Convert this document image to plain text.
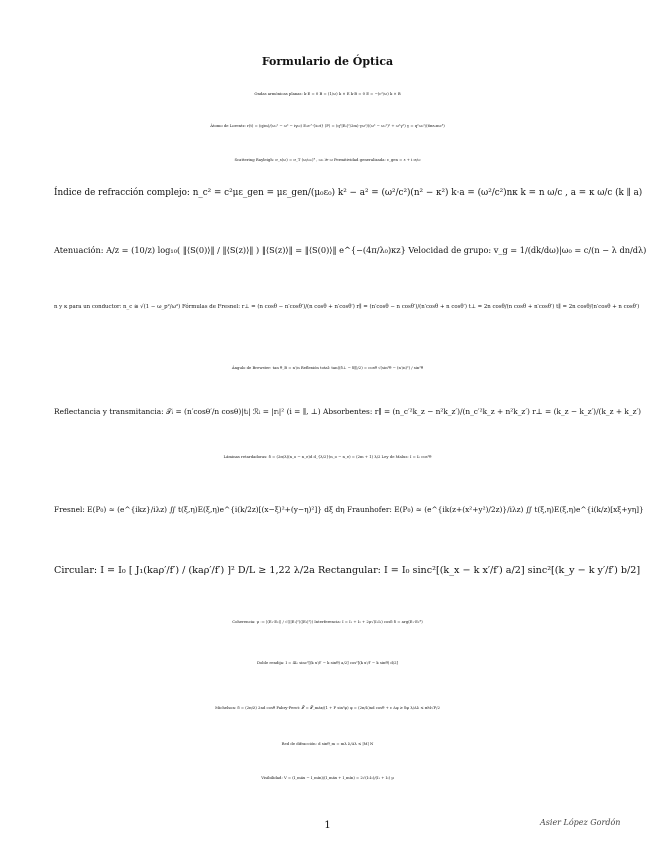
Formulario de Óptica
Ondas armónicas planas: k·E = 0 B = (1/ω) k × E k·B = 0 E = −(c²/ω) k × B
Átomo de Lorentz: r(t) = (q/m)/(ω₀² − ω² − iγω) E₀e^{iωt} ⟨P⟩ = (q²|E₀|²/2m)·γω²/((ω² − ω₀²)² + ω²γ²) γ = q²ω₀²/(6πε₀mc³)
Scattering Rayleigh: σ_s(ω) = σ_T (ω/ω₀)⁴ , ω₀ ≫ ω Permitividad generalizada: ε_gen = ε + i σ/ω
Índice de refracción complejo: n_c² = c²με_gen = με_gen/(μ₀ε₀) k² − a² = (ω²/c²)(n² − κ²) k·a = (ω²/c²)nκ k = n ω/c , a = κ ω/c (k ∥ a)
Atenuación: A/z = (10/z) log₁₀( ‖⟨S(0)⟩‖ / ‖⟨S(z)⟩‖ ) ‖⟨S(z)⟩‖ = ‖⟨S(0)⟩‖ e^{−(4π/λ₀)κz} Velocidad de grupo: v_g = 1/(dk/dω)|ω₀ = c/(n − λ dn/dλ)
n y κ para un conductor: n_c ≅ √(1 − ω_p²/ω²) Fórmulas de Fresnel: r⊥ = (n cosθ − n′cosθ′)/(n cosθ + n′cosθ′) r∥ = (n′cosθ − n cosθ′)/(n′cosθ + n cosθ′) t⊥ = 2n cosθ/(n cosθ + n′cosθ′) t∥ = 2n cosθ/(n′cosθ + n cosθ′)
Ángulo de Brewster: tan θ_B = n′/n Reflexión total: tan((δ⊥ − δ∥)/2) = cosθ √(sin²θ − (n′/n)²) / sin²θ
Reflectancia y transmitancia: 𝒯ᵢ = (n′cosθ′/n cosθ)|tᵢ| ℛᵢ = |rᵢ|² (i = ∥, ⊥) Absorbentes: r∥ = (n_c′²k_z − n²k_z′)/(n_c′²k_z + n²k_z′) r⊥ = (k_z − k_z′)/(k_z + k_z′)
Láminas retardadoras: δ = (2π/λ)(n_o − n_e)d d_{λ/2}(n_o − n_e) = (2m + 1) λ/2 Ley de Malus: I = I₀ cos²θ
Fresnel: E(P₀) ≈ (e^{ikz}/iλz) ∬ t(ξ,η)E(ξ,η)e^{i(k/2z)[(x−ξ)²+(y−η)²]} dξ dη Fraunhofer: E(P₀) ≈ (e^{ik(z+(x²+y²)/2z)}/iλz) ∬ t(ξ,η)E(ξ,η)e^{i(k/z)[xξ+yη]}
Circular: I = I₀ [ J₁(kaρ′/f′) / (kaρ′/f′) ]² D/L ≥ 1,22 λ/2a Rectangular: I = I₀ sinc²[(k_x − k x′/f′) a/2] sinc²[(k_y − k y′/f′) b/2]
Coherencia: μ := |⟨E₁·E₂⟩| / √(⟨|E₁|²⟩⟨|E₂|²⟩) Interferencia: I = I₁ + I₂ + 2μ√(I₁I₂) cosδ δ = arg⟨E₁·E₂*⟩
Doble rendija: I = 4I₀ sinc²[(k x′/f′ − k sinθ) a/2] cos²[(k x′/f′ − k sinθ) d/2]
Michelson: δ = (2π/λ) 2nd cosθ Fabry-Perot: 𝒯 = 𝒯_máx/(1 + F sin²φ) φ = (2π/λ)nd cosθ + ε Δφ ≥ δφ λ/Δλ ≤ πM√F/2
Red de difracción: d sinθ_m = mλ λ/Δλ ≤ |M| N
Visibilidad: V = (I_máx − I_mín)/(I_máx + I_mín) = 2√(I₁I₂)/(I₁ + I₂) μ
1	Asier López Gordón
